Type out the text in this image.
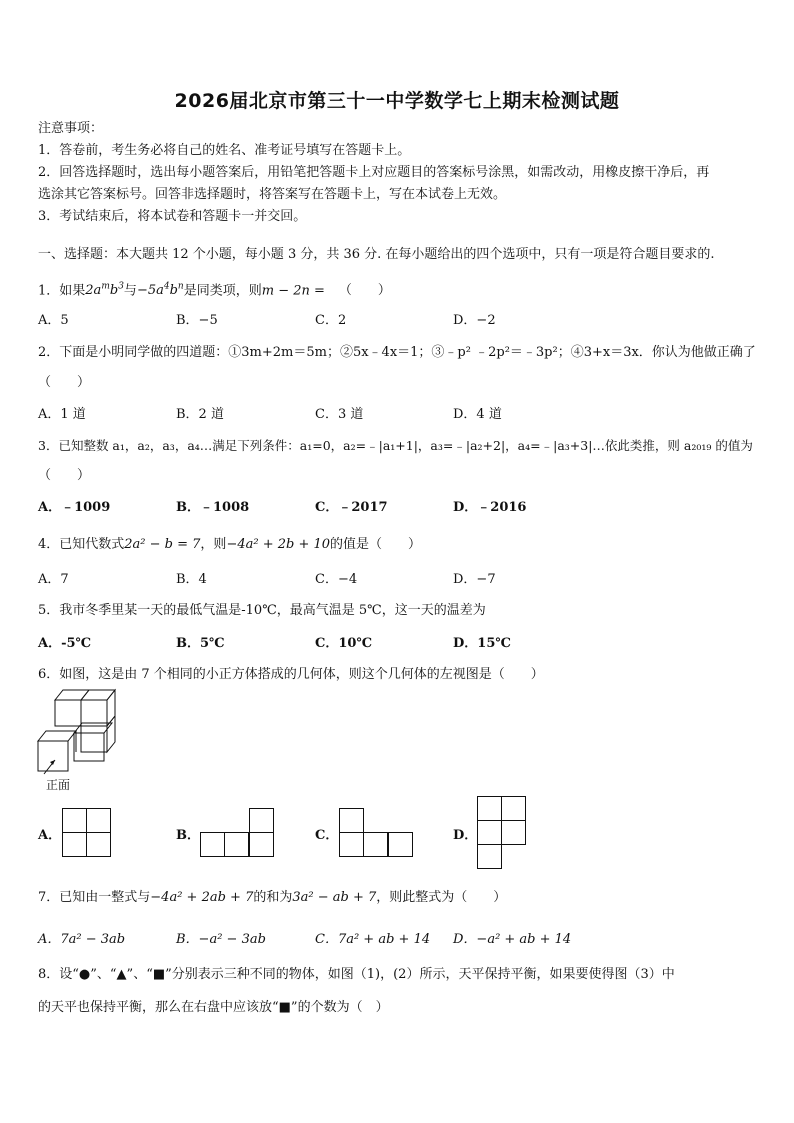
2026届北京市第三十一中学数学七上期末检测试题
注意事项：
1．答卷前，考生务必将自己的姓名、准考证号填写在答题卡上。
2．回答选择题时，选出每小题答案后，用铅笔把答题卡上对应题目的答案标号涂黑，如需改动，用橡皮擦干净后，再
选涂其它答案标号。回答非选择题时，将答案写在答题卡上，写在本试卷上无效。
3．考试结束后，将本试卷和答题卡一并交回。
一、选择题：本大题共 12 个小题，每小题 3 分，共 36 分. 在每小题给出的四个选项中，只有一项是符合题目要求的.
1．如果$2a^mb^3$与$-5a^4b^n$是同类项，则m − 2n = （　　）
A．5	B．−5	C．2	D．−2
2．下面是小明同学做的四道题：①3m+2m＝5m；②5x﹣4x＝1；③﹣p² ﹣2p²＝﹣3p²；④3+x＝3x．你认为他做正确了
（　　）
A．1 道	B．2 道	C．3 道	D．4 道
3．已知整数 a₁，a₂，a₃，a₄…满足下列条件：a₁=0，a₂=﹣|a₁+1|，a₃=﹣|a₂+2|，a₄=﹣|a₃+3|…依此类推，则 a₂₀₁₉ 的值为
（　　）
A．﹣1009	B．﹣1008	C．﹣2017	D．﹣2016
4．已知代数式2a² − b = 7，则−4a² + 2b + 10的值是（　　）
A．7	B．4	C．−4	D．−7
5．我市冬季里某一天的最低气温是-10℃，最高气温是 5℃，这一天的温差为
A．-5℃	B．5℃	C．10℃	D．15℃
6．如图，这是由 7 个相同的小正方体搭成的几何体，则这个几何体的左视图是（　　）
正面
A．	B．	C．	D．
7．已知由一整式与−4a² + 2ab + 7的和为3a² − ab + 7，则此整式为（　　）
A．7a² − 3ab	B．−a² − 3ab	C．7a² + ab + 14 D．−a² + ab + 14
8．设“●”、“▲”、“■”分别表示三种不同的物体，如图（1)，(2）所示，天平保持平衡，如果要使得图（3）中
的天平也保持平衡，那么在右盘中应该放“■”的个数为（　）
